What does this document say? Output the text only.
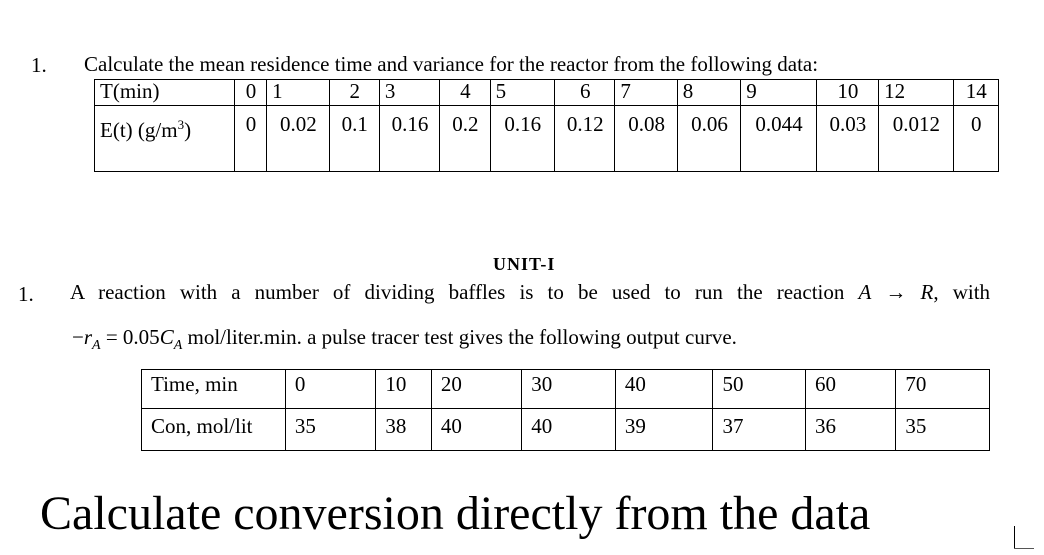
1. Calculate the mean residence time and variance for the reactor from the following data:
T(min)	0	1	2	3	4	5	6	7	8	9	10	12	14
E(t) $(g/m^3)$	0	0.02	0.1	0.16	0.2	0.16	0.12	0.08	0.06	0.044	0.03	0.012	0
UNIT-I
1. A reaction with a number of dividing baffles is to be used to run the reaction A → R, with
$-r_A = 0.05C_A$ mol/liter.min. a pulse tracer test gives the following output curve.
Time, min	0	10	20	30	40	50	60	70
Con, mol/lit	35	38	40	40	39	37	36	35
Calculate conversion directly from the data
